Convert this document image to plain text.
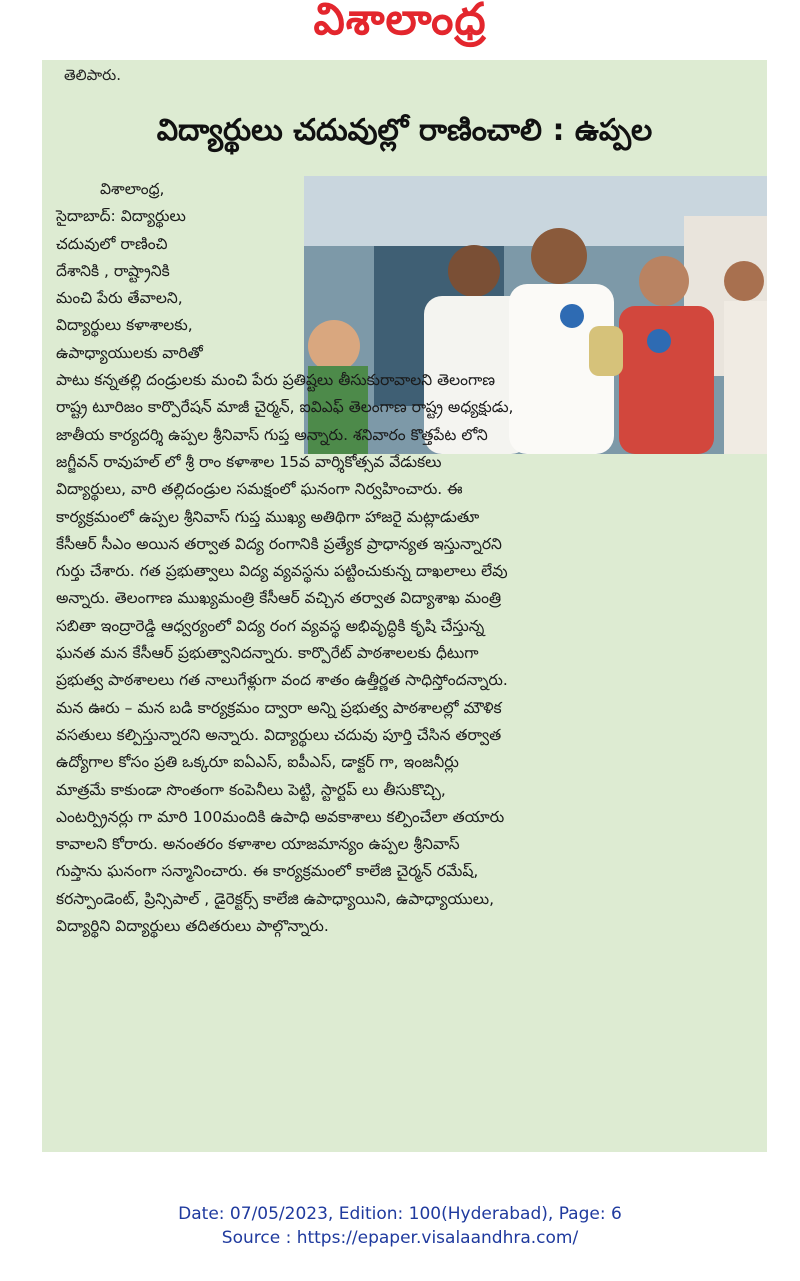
విశాలాంధ్ర
తెలిపారు.
విద్యార్థులు చదువుల్లో రాణించాలి : ఉప్పల
విశాలాంధ్ర,
సైదాబాద్: విద్యార్థులు
చదువులో రాణించి
దేశానికి , రాష్ట్రానికి
మంచి పేరు తేవాలని,
విద్యార్థులు కళాశాలకు,
ఉపాధ్యాయులకు వారితో
పాటు కన్నతల్లి దండ్రులకు మంచి పేరు ప్రతిష్టలు తీసుకురావాలని తెలంగాణ
రాష్ట్ర టూరిజం కార్పొరేషన్ మాజీ చైర్మన్, ఐవిఎఫ్ తెలంగాణ రాష్ట్ర అధ్యక్షుడు,
జాతీయ కార్యదర్శి ఉప్పల శ్రీనివాస్ గుప్త అన్నారు. శనివారం కొత్తపేట లోని
జగ్జీవన్ రావుహల్ లో శ్రీ రాం కళాశాల 15వ వార్శికోత్సవ వేడుకలు
విద్యార్థులు, వారి తల్లిదండ్రుల సమక్షంలో ఘనంగా నిర్వహించారు. ఈ
కార్యక్రమంలో ఉప్పల శ్రీనివాస్ గుప్త ముఖ్య అతిథిగా హాజరై మట్లాడుతూ
కేసీఆర్ సీఎం అయిన తర్వాత విద్య రంగానికి ప్రత్యేక ప్రాధాన్యత ఇస్తున్నారని
గుర్తు చేశారు. గత ప్రభుత్వాలు విద్య వ్యవస్థను పట్టించుకున్న దాఖలాలు లేవు
అన్నారు. తెలంగాణ ముఖ్యమంత్రి కేసీఆర్ వచ్చిన తర్వాత విద్యాశాఖ మంత్రి
సబితా ఇంద్రారెడ్డి ఆధ్వర్యంలో విద్య రంగ వ్యవస్థ అభివృద్ధికి కృషి చేస్తున్న
ఘనత మన కేసీఆర్ ప్రభుత్వానిదన్నారు. కార్పొరేట్ పాఠశాలలకు ధీటుగా
ప్రభుత్వ పాఠశాలలు గత నాలుగేళ్లుగా వంద శాతం ఉత్తీర్ణత సాధిస్తోందన్నారు.
మన ఊరు – మన బడి కార్యక్రమం ద్వారా అన్ని ప్రభుత్వ పాఠశాలల్లో మౌళిక
వసతులు కల్పిస్తున్నారని అన్నారు. విద్యార్థులు చదువు పూర్తి చేసిన తర్వాత
ఉద్యోగాల కోసం ప్రతి ఒక్కరూ ఐఏఎస్, ఐపీఎస్, డాక్టర్ గా, ఇంజనీర్లు
మాత్రమే కాకుండా సొంతంగా కంపెనీలు పెట్టి, స్టార్టప్ లు తీసుకొచ్చి,
ఎంటర్ప్రినర్లు గా మారి 100మందికి ఉపాధి అవకాశాలు కల్పించేలా తయారు
కావాలని కోరారు. అనంతరం కళాశాల యాజమాన్యం ఉప్పల శ్రీనివాస్
గుప్తాను ఘనంగా సన్మానించారు. ఈ కార్యక్రమంలో కాలేజి చైర్మన్ రమేష్,
కరస్పాండెంట్, ప్రిన్సిపాల్ , డైరెక్టర్స్ కాలేజి ఉపాధ్యాయిని, ఉపాధ్యాయులు,
విద్యార్థిని విద్యార్థులు తదితరులు పాల్గొన్నారు.
Date: 07/05/2023, Edition: 100(Hyderabad), Page: 6
Source : https://epaper.visalaandhra.com/
